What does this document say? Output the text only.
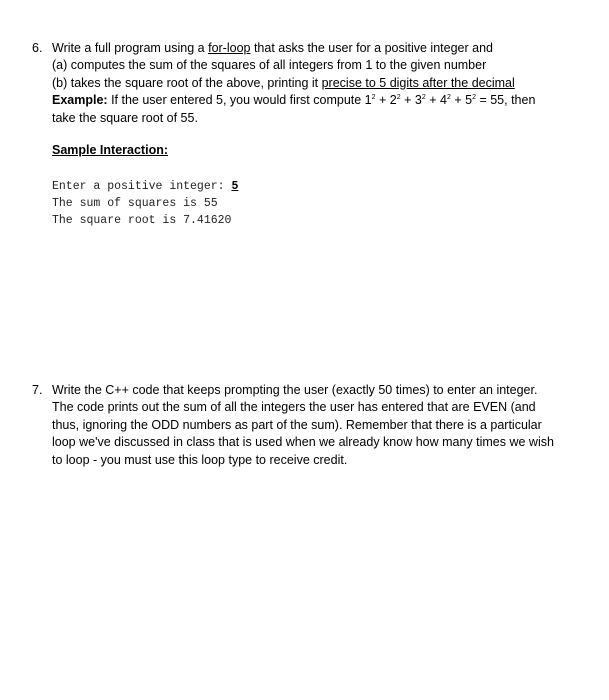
6. Write a full program using a for-loop that asks the user for a positive integer and
(a) computes the sum of the squares of all integers from 1 to the given number
(b) takes the square root of the above, printing it precise to 5 digits after the decimal
Example: If the user entered 5, you would first compute $1^2 + 2^2 + 3^2 + 4^2 + 5^2 = 55$, then
take the square root of 55.
Sample Interaction:
Enter a positive integer: 5
The sum of squares is 55
The square root is 7.41620
7. Write the C++ code that keeps prompting the user (exactly 50 times) to enter an integer.
The code prints out the sum of all the integers the user has entered that are EVEN (and
thus, ignoring the ODD numbers as part of the sum). Remember that there is a particular
loop we've discussed in class that is used when we already know how many times we wish
to loop - you must use this loop type to receive credit.
